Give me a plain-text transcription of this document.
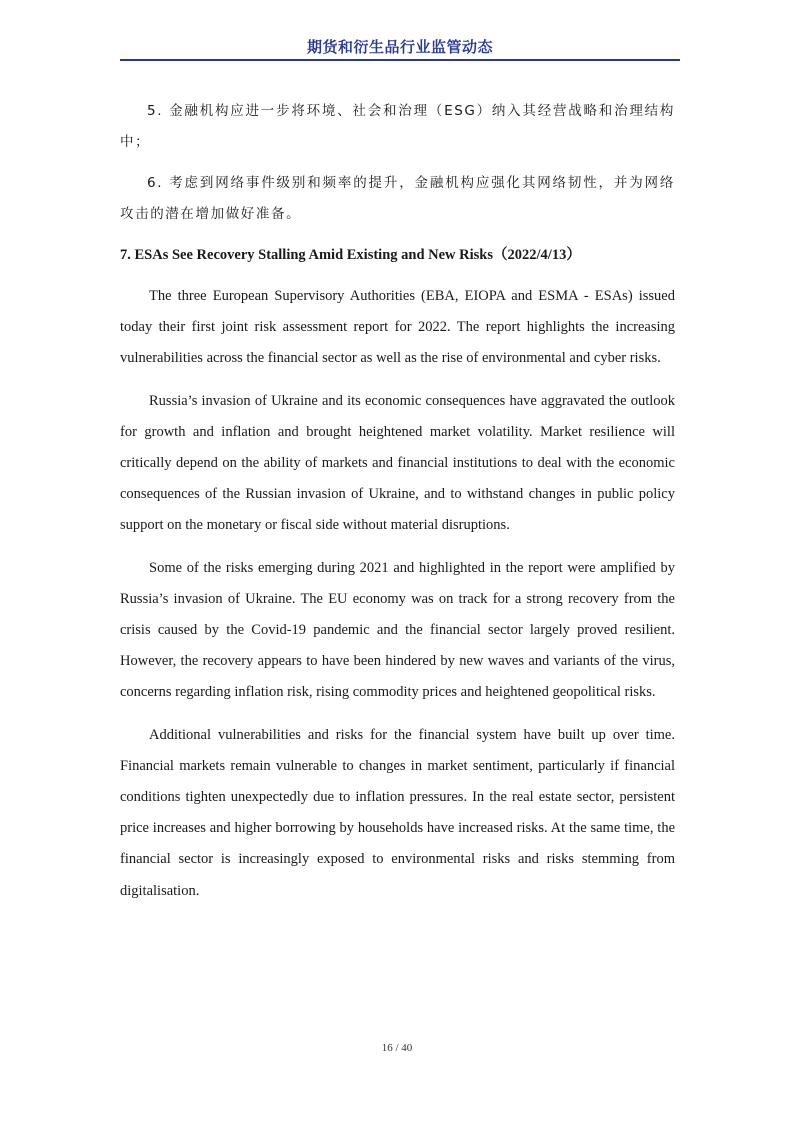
期货和衍生品行业监管动态

5. 金融机构应进一步将环境、社会和治理（ESG）纳入其经营战略和治理结构中；

6. 考虑到网络事件级别和频率的提升，金融机构应强化其网络韧性，并为网络攻击的潜在增加做好准备。

7. ESAs See Recovery Stalling Amid Existing and New Risks（2022/4/13）

The three European Supervisory Authorities (EBA, EIOPA and ESMA - ESAs) issued today their first joint risk assessment report for 2022. The report highlights the increasing vulnerabilities across the financial sector as well as the rise of environmental and cyber risks.

Russia’s invasion of Ukraine and its economic consequences have aggravated the outlook for growth and inflation and brought heightened market volatility. Market resilience will critically depend on the ability of markets and financial institutions to deal with the economic consequences of the Russian invasion of Ukraine, and to withstand changes in public policy support on the monetary or fiscal side without material disruptions.

Some of the risks emerging during 2021 and highlighted in the report were amplified by Russia’s invasion of Ukraine. The EU economy was on track for a strong recovery from the crisis caused by the Covid-19 pandemic and the financial sector largely proved resilient. However, the recovery appears to have been hindered by new waves and variants of the virus, concerns regarding inflation risk, rising commodity prices and heightened geopolitical risks.

Additional vulnerabilities and risks for the financial system have built up over time. Financial markets remain vulnerable to changes in market sentiment, particularly if financial conditions tighten unexpectedly due to inflation pressures. In the real estate sector, persistent price increases and higher borrowing by households have increased risks. At the same time, the financial sector is increasingly exposed to environmental risks and risks stemming from digitalisation.

16 / 40
